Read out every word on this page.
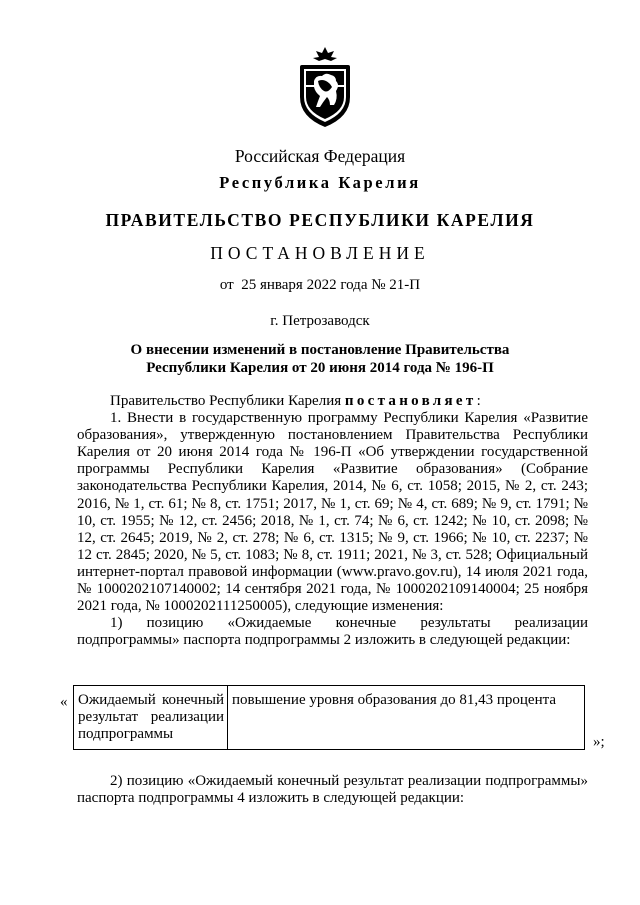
Российская Федерация
Республика Карелия
ПРАВИТЕЛЬСТВО РЕСПУБЛИКИ КАРЕЛИЯ
ПОСТАНОВЛЕНИЕ
от  25 января 2022 года № 21-П
г. Петрозаводск
О внесении изменений в постановление Правительства
Республики Карелия от 20 июня 2014 года № 196-П

Правительство Республики Карелия постановляет:

1. Внести в государственную программу Республики Карелия «Развитие образования», утвержденную постановлением Правительства Республики Карелия от 20 июня 2014 года № 196-П «Об утверждении государственной программы Республики Карелия «Развитие образования» (Собрание законодательства Республики Карелия, 2014, № 6, ст. 1058; 2015, № 2, ст. 243; 2016, № 1, ст. 61; № 8, ст. 1751; 2017, № 1, ст. 69; № 4, ст. 689; № 9, ст. 1791; № 10, ст. 1955; № 12, ст. 2456; 2018, № 1, ст. 74; № 6, ст. 1242; № 10, ст. 2098; № 12, ст. 2645; 2019, № 2, ст. 278; № 6, ст. 1315; № 9, ст. 1966; № 10, ст. 2237; № 12 ст. 2845; 2020, № 5, ст. 1083; № 8, ст. 1911; 2021, № 3, ст. 528; Официальный интернет-портал правовой информации (www.pravo.gov.ru), 14 июля 2021 года, № 1000202107140002; 14 сентября 2021 года, № 1000202109140004; 25 ноября 2021 года, № 1000202111250005), следующие изменения:

1) позицию «Ожидаемые конечные результаты реализации подпрограммы» паспорта подпрограммы 2 изложить в следующей редакции:

« Ожидаемый конечный результат реализации подпрограммы	повышение уровня образования до 81,43 процента
»;

2) позицию «Ожидаемый конечный результат реализации подпрограммы» паспорта подпрограммы 4 изложить в следующей редакции:
